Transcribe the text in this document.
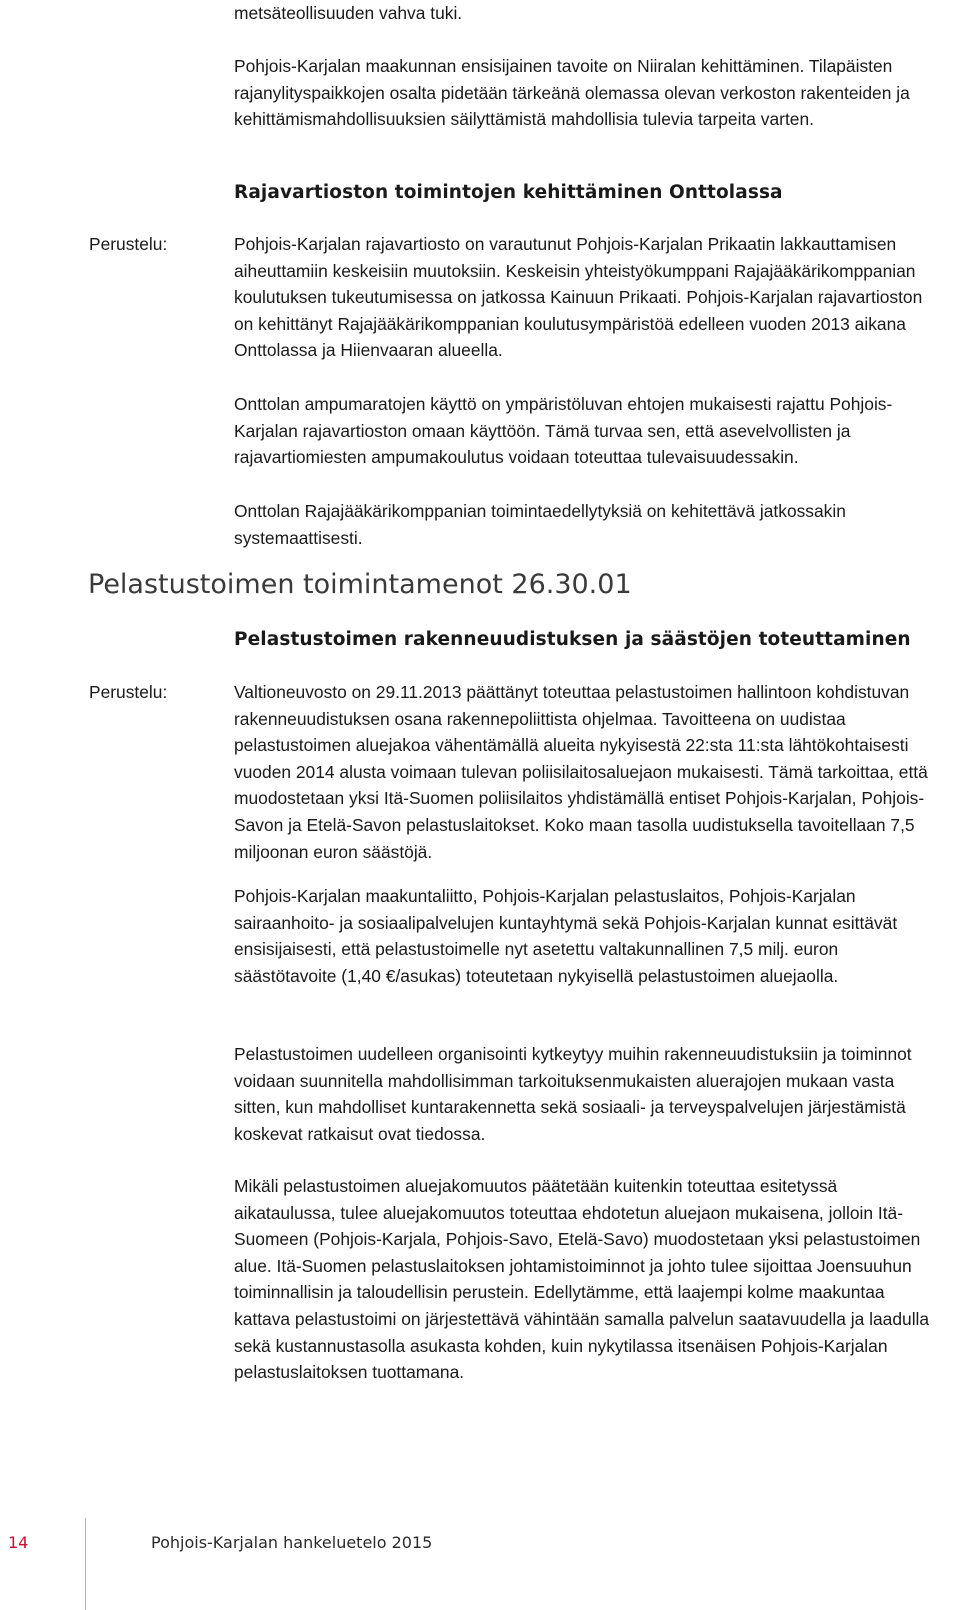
metsäteollisuuden vahva tuki.

Pohjois-Karjalan maakunnan ensisijainen tavoite on Niiralan kehittäminen. Tilapäisten rajanylityspaikkojen osalta pidetään tärkeänä olemassa olevan verkoston rakenteiden ja kehittämismahdollisuuksien säilyttämistä mahdollisia tulevia tarpeita varten.

Rajavartioston toimintojen kehittäminen Onttolassa

Perustelu:	Pohjois-Karjalan rajavartiosto on varautunut Pohjois-Karjalan Prikaatin lakkauttamisen aiheuttamiin keskeisiin muutoksiin. Keskeisin yhteistyökumppani Rajajääkärikomppanian koulutuksen tukeutumisessa on jatkossa Kainuun Prikaati. Pohjois-Karjalan rajavartioston on kehittänyt Rajajääkärikomppanian koulutusympäristöä edelleen vuoden 2013 aikana Onttolassa ja Hiienvaaran alueella.

Onttolan ampumaratojen käyttö on ympäristöluvan ehtojen mukaisesti rajattu Pohjois-Karjalan rajavartioston omaan käyttöön. Tämä turvaa sen, että asevelvollisten ja rajavartiomiesten ampumakoulutus voidaan toteuttaa tulevaisuudessakin.

Onttolan Rajajääkärikomppanian toimintaedellytyksiä on kehitettävä jatkossakin systemaattisesti.

Pelastustoimen toimintamenot 26.30.01
Pelastustoimen rakenneuudistuksen ja säästöjen toteuttaminen

Perustelu:	Valtioneuvosto on 29.11.2013 päättänyt toteuttaa pelastustoimen hallintoon kohdistuvan rakenneuudistuksen osana rakennepoliittista ohjelmaa. Tavoitteena on uudistaa pelastustoimen aluejakoa vähentämällä alueita nykyisestä 22:sta 11:sta lähtökohtaisesti vuoden 2014 alusta voimaan tulevan poliisilaitosaluejaon mukaisesti. Tämä tarkoittaa, että muodostetaan yksi Itä-Suomen poliisilaitos yhdistämällä entiset Pohjois-Karjalan, Pohjois-Savon ja Etelä-Savon pelastuslaitokset. Koko maan tasolla uudistuksella tavoitellaan 7,5 miljoonan euron säästöjä.

Pohjois-Karjalan maakuntaliitto, Pohjois-Karjalan pelastuslaitos, Pohjois-Karjalan sairaanhoito- ja sosiaalipalvelujen kuntayhtymä sekä Pohjois-Karjalan kunnat esittävät ensisijaisesti, että pelastustoimelle nyt asetettu valtakunnallinen 7,5 milj. euron säästötavoite (1,40 €/asukas) toteutetaan nykyisellä pelastustoimen aluejaolla.

Pelastustoimen uudelleen organisointi kytkeytyy muihin rakenneuudistuksiin ja toiminnot voidaan suunnitella mahdollisimman tarkoituksenmukaisten aluerajojen mukaan vasta sitten, kun mahdolliset kuntarakennetta sekä sosiaali- ja terveyspalvelujen järjestämistä koskevat ratkaisut ovat tiedossa.

Mikäli pelastustoimen aluejakomuutos päätetään kuitenkin toteuttaa esitetyssä aikataulussa, tulee aluejakomuutos toteuttaa ehdotetun aluejaon mukaisena, jolloin Itä-Suomeen (Pohjois-Karjala, Pohjois-Savo, Etelä-Savo) muodostetaan yksi pelastustoimen alue. Itä-Suomen pelastuslaitoksen johtamistoiminnot ja johto tulee sijoittaa Joensuuhun toiminnallisin ja taloudellisin perustein. Edellytämme, että laajempi kolme maakuntaa kattava pelastustoimi on järjestettävä vähintään samalla palvelun saatavuudella ja laadulla sekä kustannustasolla asukasta kohden, kuin nykytilassa itsenäisen Pohjois-Karjalan pelastuslaitoksen tuottamana.

14	Pohjois-Karjalan hankeluetelo 2015
